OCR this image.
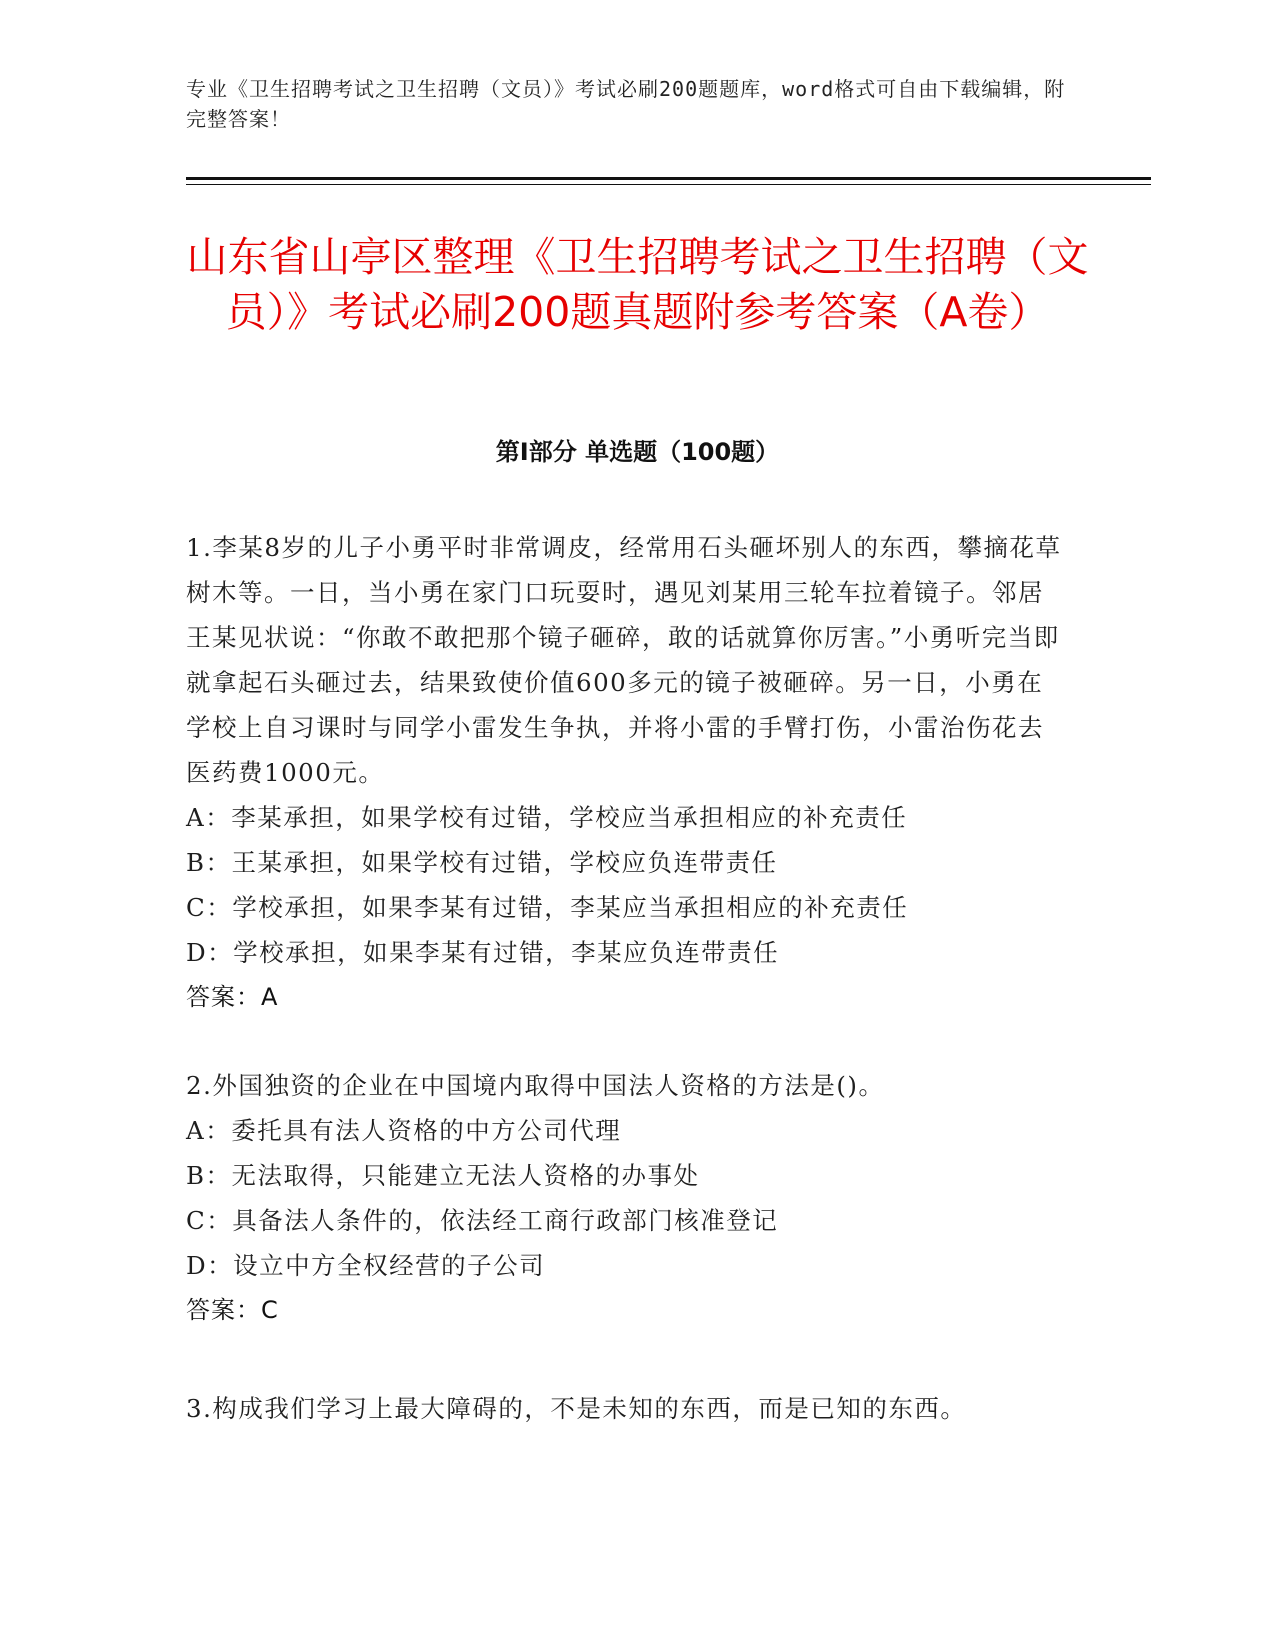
专业《卫生招聘考试之卫生招聘（文员）》考试必刷200题题库，word格式可自由下载编辑，附完整答案！
山东省山亭区整理《卫生招聘考试之卫生招聘（文员）》考试必刷200题真题附参考答案（A卷）
第Ⅰ部分 单选题（100题）

1.李某8岁的儿子小勇平时非常调皮，经常用石头砸坏别人的东西，攀摘花草树木等。一日，当小勇在家门口玩耍时，遇见刘某用三轮车拉着镜子。邻居王某见状说：“你敢不敢把那个镜子砸碎，敢的话就算你厉害。”小勇听完当即就拿起石头砸过去，结果致使价值600多元的镜子被砸碎。另一日，小勇在学校上自习课时与同学小雷发生争执，并将小雷的手臂打伤，小雷治伤花去医药费1000元。

A：李某承担，如果学校有过错，学校应当承担相应的补充责任

B：王某承担，如果学校有过错，学校应负连带责任

C：学校承担，如果李某有过错，李某应当承担相应的补充责任

D：学校承担，如果李某有过错，李某应负连带责任

答案：A

2.外国独资的企业在中国境内取得中国法人资格的方法是()。

A：委托具有法人资格的中方公司代理

B：无法取得，只能建立无法人资格的办事处

C：具备法人条件的，依法经工商行政部门核准登记

D：设立中方全权经营的子公司

答案：C

3.构成我们学习上最大障碍的，不是未知的东西，而是已知的东西。
